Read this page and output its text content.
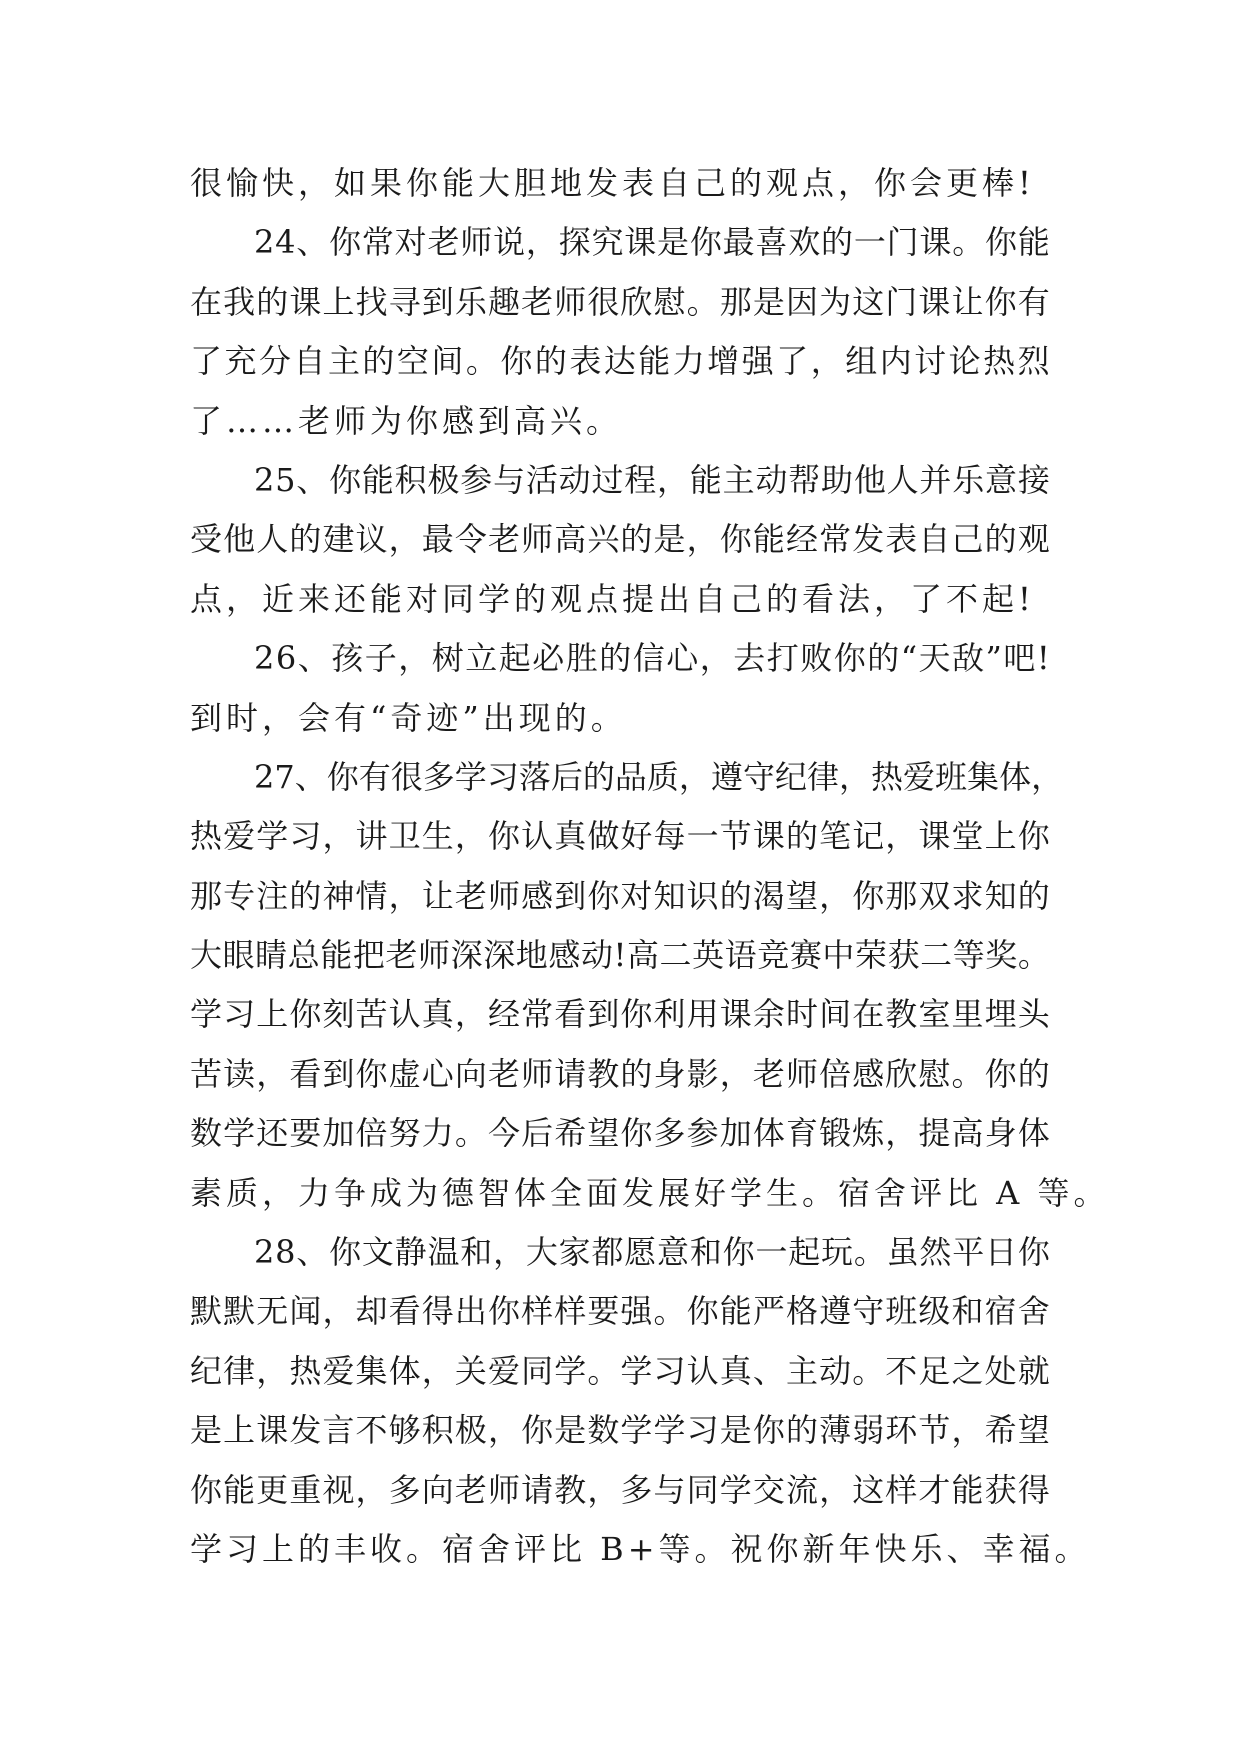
很愉快，如果你能大胆地发表自己的观点，你会更棒!
2 4 、 你 常 对 老 师 说 ， 探 究 课 是 你 最 喜 欢 的 一 门 课 。 你 能
在 我 的 课 上 找 寻 到 乐 趣 老 师 很 欣 慰 。 那 是 因 为 这 门 课 让 你 有
了 充 分 自 主 的 空 间 。 你 的 表 达 能 力 增 强 了 ， 组 内 讨 论 热 烈
了……老师为你感到高兴。
2 5 、 你 能 积 极 参 与 活 动 过 程 ， 能 主 动 帮 助 他 人 并 乐 意 接
受 他 人 的 建 议 ， 最 令 老 师 高 兴 的 是 ， 你 能 经 常 发 表 自 己 的 观
点，近来还能对同学的观点提出自己的看法，了不起!
2 6 、 孩 子 ， 树 立 起 必 胜 的 信 心 ， 去 打 败 你 的 “ 天 敌 ” 吧 !
到时，会有“奇迹”出现的。
2 7 、 你 有 很 多 学 习 落 后 的 品 质 ， 遵 守 纪 律 ， 热 爱 班 集 体 ，
热 爱 学 习 ， 讲 卫 生 ， 你 认 真 做 好 每 一 节 课 的 笔 记 ， 课 堂 上 你
那 专 注 的 神 情 ， 让 老 师 感 到 你 对 知 识 的 渴 望 ， 你 那 双 求 知 的
大 眼 睛 总 能 把 老 师 深 深 地 感 动 ! 高 二 英 语 竞 赛 中 荣 获 二 等 奖 。
学 习 上 你 刻 苦 认 真 ， 经 常 看 到 你 利 用 课 余 时 间 在 教 室 里 埋 头
苦 读 ， 看 到 你 虚 心 向 老 师 请 教 的 身 影 ， 老 师 倍 感 欣 慰 。 你 的
数 学 还 要 加 倍 努 力 。 今 后 希 望 你 多 参 加 体 育 锻 炼 ， 提 高 身 体
素质，力争成为德智体全面发展好学生。宿舍评比 A 等。
2 8 、 你 文 静 温 和 ， 大 家 都 愿 意 和 你 一 起 玩 。 虽 然 平 日 你
默 默 无 闻 ， 却 看 得 出 你 样 样 要 强 。 你 能 严 格 遵 守 班 级 和 宿 舍
纪 律 ， 热 爱 集 体 ， 关 爱 同 学 。 学 习 认 真 、 主 动 。 不 足 之 处 就
是 上 课 发 言 不 够 积 极 ， 你 是 数 学 学 习 是 你 的 薄 弱 环 节 ， 希 望
你 能 更 重 视 ， 多 向 老 师 请 教 ， 多 与 同 学 交 流 ， 这 样 才 能 获 得
学习上的丰收。宿舍评比 B+等。祝你新年快乐、幸福。
